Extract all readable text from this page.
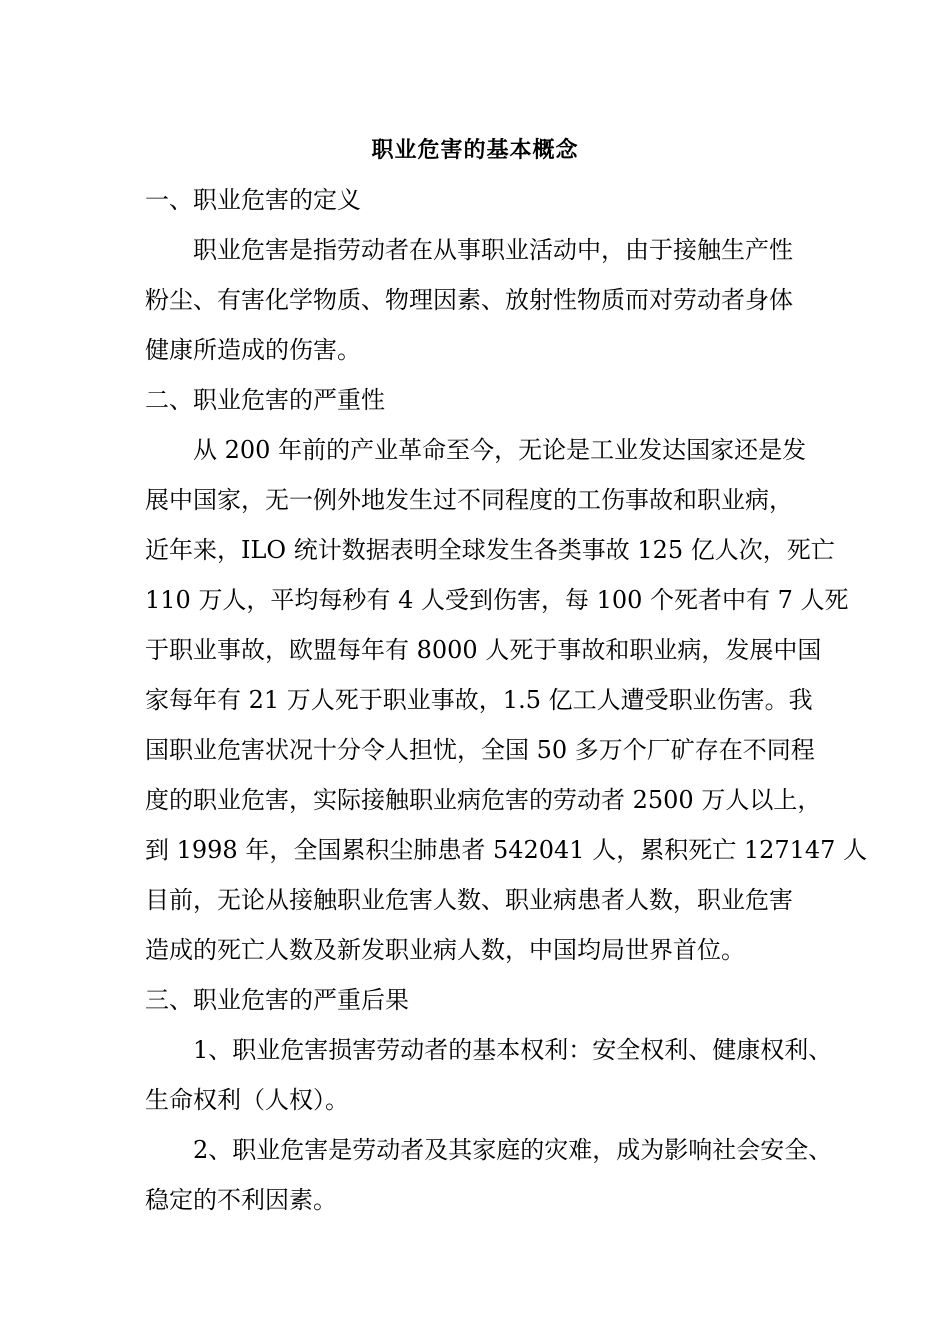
职业危害的基本概念
一、职业危害的定义
职业危害是指劳动者在从事职业活动中，由于接触生产性
粉尘、有害化学物质、物理因素、放射性物质而对劳动者身体
健康所造成的伤害。
二、职业危害的严重性
从 200 年前的产业革命至今，无论是工业发达国家还是发
展中国家，无一例外地发生过不同程度的工伤事故和职业病，
近年来，ILO 统计数据表明全球发生各类事故 125 亿人次，死亡
110 万人，平均每秒有 4 人受到伤害，每 100 个死者中有 7 人死
于职业事故，欧盟每年有 8000 人死于事故和职业病，发展中国
家每年有 21 万人死于职业事故，1.5 亿工人遭受职业伤害。我
国职业危害状况十分令人担忧，全国 50 多万个厂矿存在不同程
度的职业危害，实际接触职业病危害的劳动者 2500 万人以上，
到 1998 年，全国累积尘肺患者 542041 人，累积死亡 127147 人
目前，无论从接触职业危害人数、职业病患者人数，职业危害
造成的死亡人数及新发职业病人数，中国均局世界首位。
三、职业危害的严重后果
1、职业危害损害劳动者的基本权利：安全权利、健康权利、
生命权利（人权）。
2、职业危害是劳动者及其家庭的灾难，成为影响社会安全、
稳定的不利因素。
